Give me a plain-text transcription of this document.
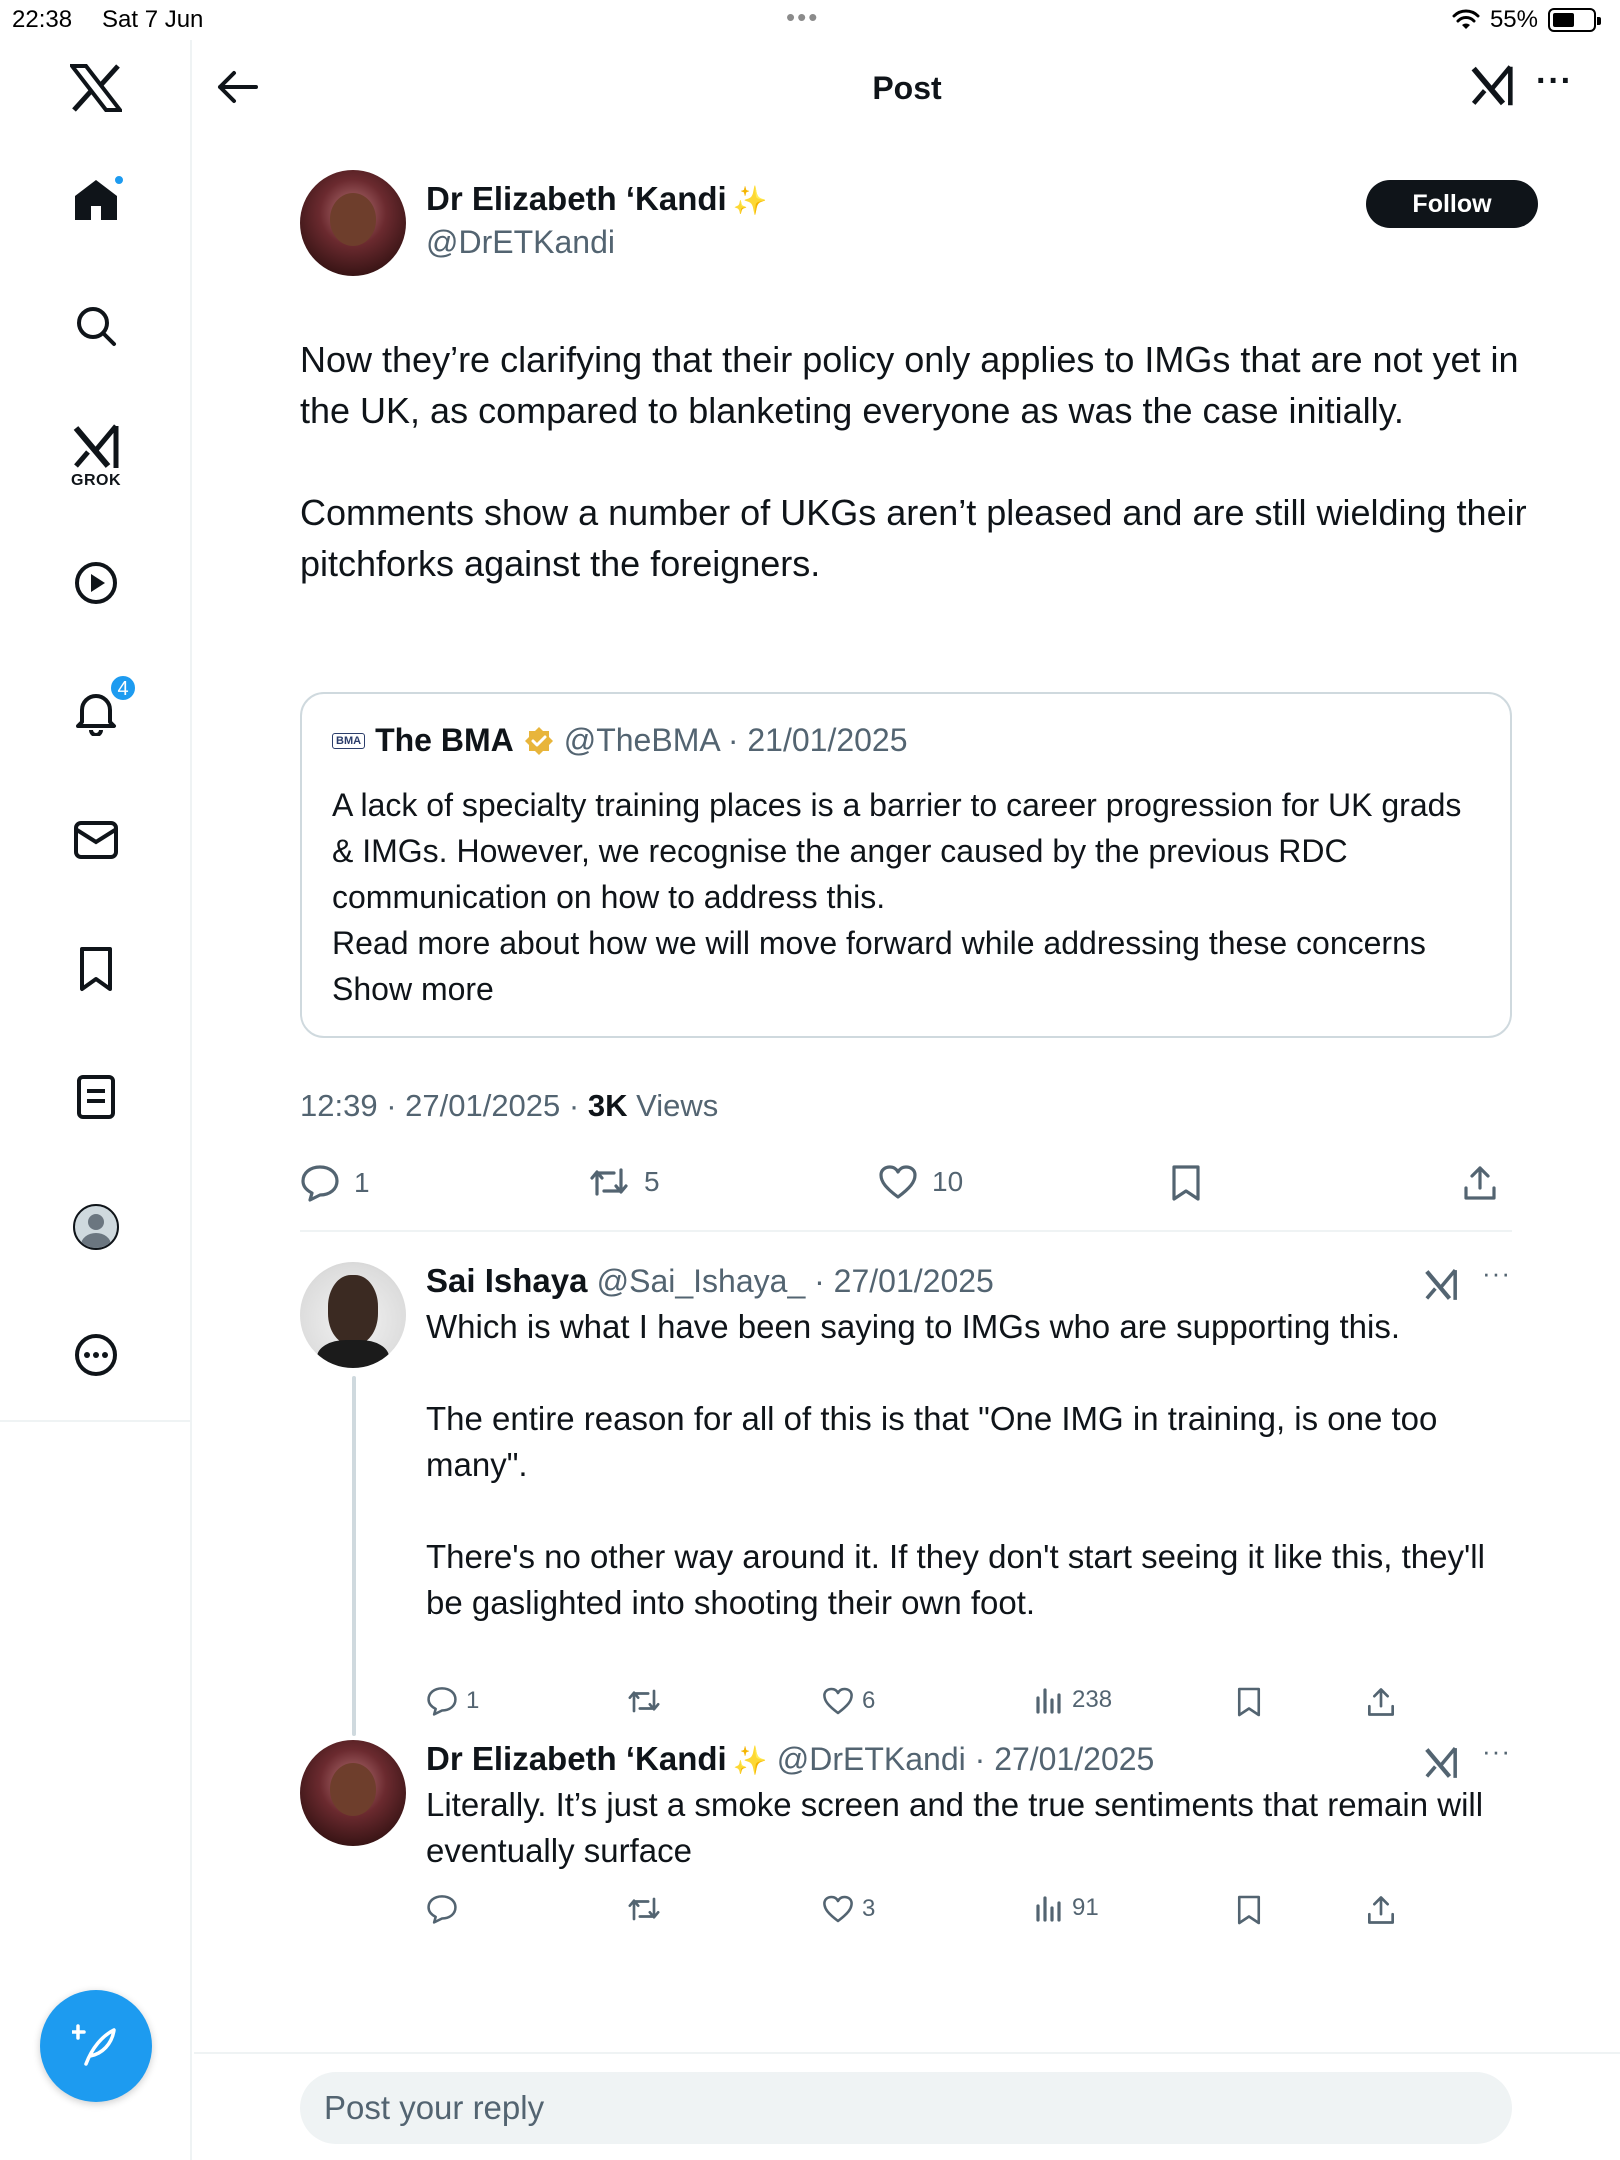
22:38 Sat 7 Jun	•••	55%
GROK
4
Post	···
Dr Elizabeth ‘Kandi ✨
@DrETKandi
Follow

Now they’re clarifying that their policy only applies to IMGs that are not yet in the UK, as compared to blanketing everyone as was the case initially.

Comments show a number of UKGs aren’t pleased and are still wielding their pitchforks against the foreigners.

BMA The BMA @TheBMA · 21/01/2025
A lack of specialty training places is a barrier to career progression for UK grads & IMGs. However, we recognise the anger caused by the previous RDC communication on how to address this.
Read more about how we will move forward while addressing these concerns Show more
12:39 · 27/01/2025 · 3K Views
1	5	10
Sai Ishaya @Sai_Ishaya_ · 27/01/2025	···

Which is what I have been saying to IMGs who are supporting this.

The entire reason for all of this is that "One IMG in training, is one too many".

There's no other way around it. If they don't start seeing it like this, they'll be gaslighted into shooting their own foot.

1	6	238
Dr Elizabeth ‘Kandi ✨ @DrETKandi · 27/01/2025	···

Literally. It’s just a smoke screen and the true sentiments that remain will eventually surface

3	91
Post your reply
